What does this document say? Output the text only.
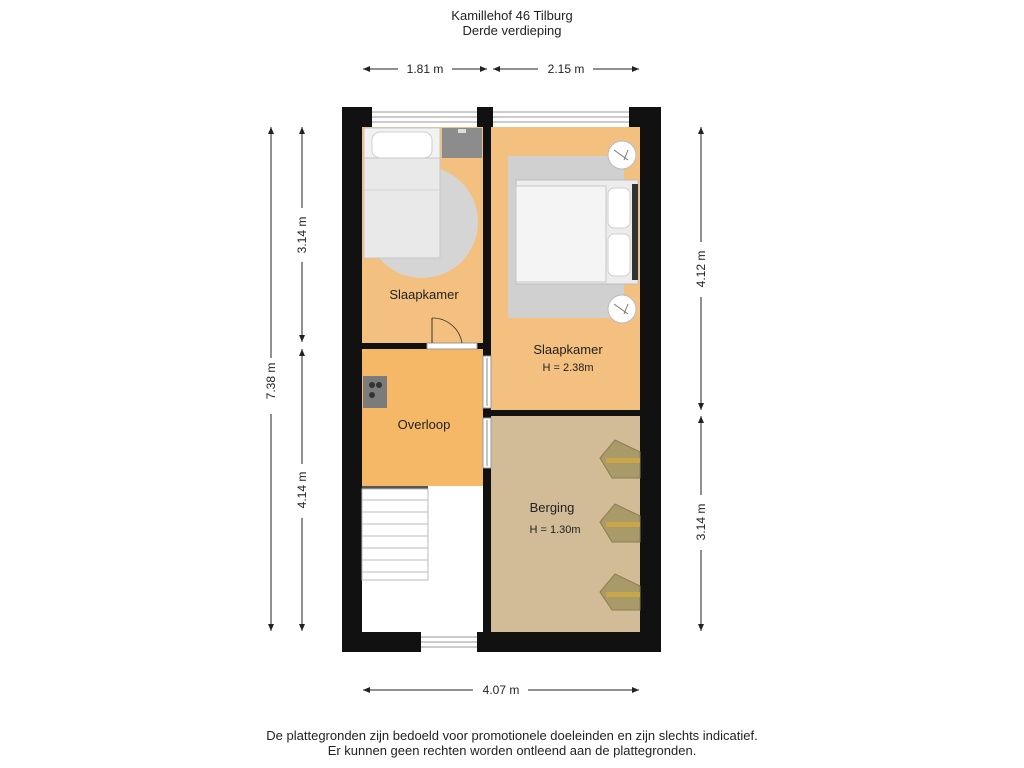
Kamillehof 46 Tilburg
Derde verdieping
Slaapkamer
Slaapkamer
H = 2.38m
Overloop
Berging
H = 1.30m
1.81 m	2.15 m
4.07 m
7.38 m
3.14 m
4.14 m
4.12 m
3.14 m
De plattegronden zijn bedoeld voor promotionele doeleinden en zijn slechts indicatief.
Er kunnen geen rechten worden ontleend aan de plattegronden.
